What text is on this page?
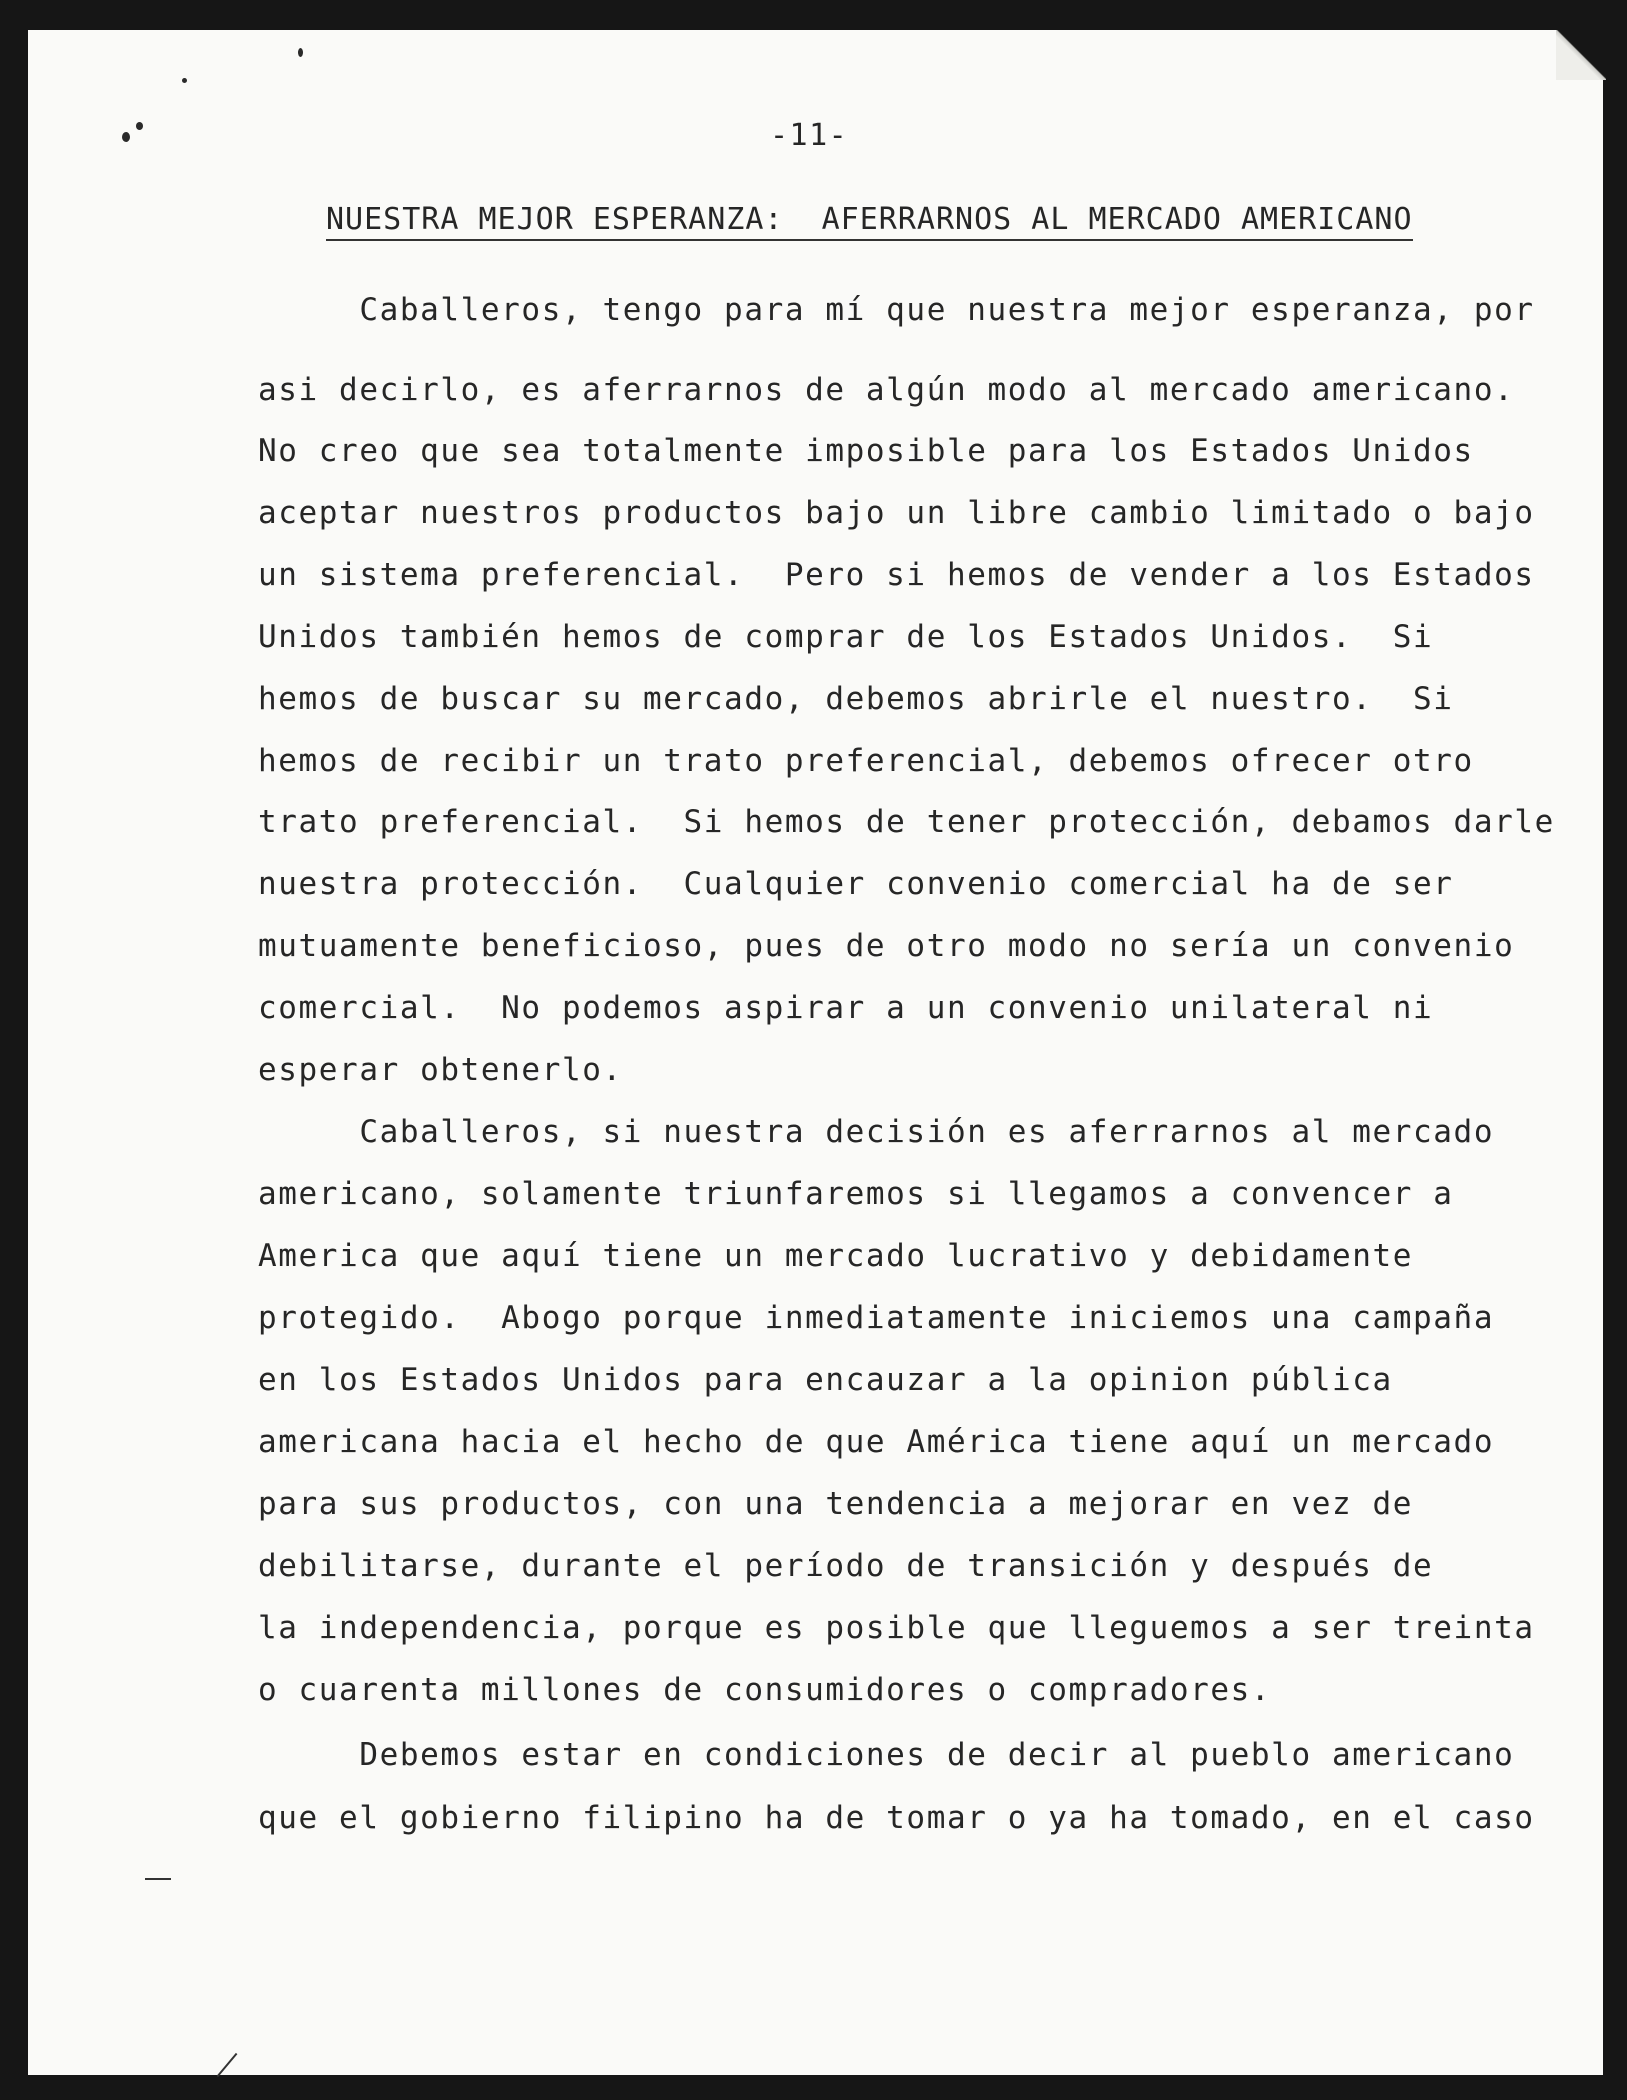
-11-
NUESTRA MEJOR ESPERANZA:  AFERRARNOS AL MERCADO AMERICANO
Caballeros, tengo para mí que nuestra mejor esperanza, por
asi decirlo, es aferrarnos de algún modo al mercado americano.
No creo que sea totalmente imposible para los Estados Unidos
aceptar nuestros productos bajo un libre cambio limitado o bajo
un sistema preferencial.  Pero si hemos de vender a los Estados
Unidos también hemos de comprar de los Estados Unidos.  Si
hemos de buscar su mercado, debemos abrirle el nuestro.  Si
hemos de recibir un trato preferencial, debemos ofrecer otro
trato preferencial.  Si hemos de tener protección, debamos darle
nuestra protección.  Cualquier convenio comercial ha de ser
mutuamente beneficioso, pues de otro modo no sería un convenio
comercial.  No podemos aspirar a un convenio unilateral ni
esperar obtenerlo.
Caballeros, si nuestra decisión es aferrarnos al mercado
americano, solamente triunfaremos si llegamos a convencer a
America que aquí tiene un mercado lucrativo y debidamente
protegido.  Abogo porque inmediatamente iniciemos una campaña
en los Estados Unidos para encauzar a la opinion pública
americana hacia el hecho de que América tiene aquí un mercado
para sus productos, con una tendencia a mejorar en vez de
debilitarse, durante el período de transición y después de
la independencia, porque es posible que lleguemos a ser treinta
o cuarenta millones de consumidores o compradores.
Debemos estar en condiciones de decir al pueblo americano
que el gobierno filipino ha de tomar o ya ha tomado, en el caso
